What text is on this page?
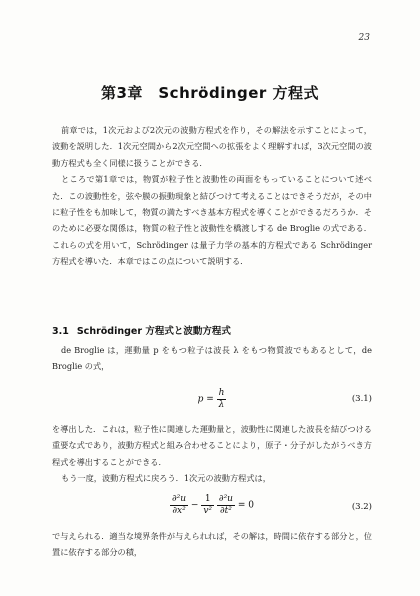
23
第3章　Schrödinger 方程式

前章では，1次元および2次元の波動方程式を作り，その解法を示すことによって，波動を説明した．1次元空間から2次元空間への拡張をよく理解すれば，3次元空間の波動方程式も全く同様に扱うことができる．

ところで第1章では，物質が粒子性と波動性の両面をもっていることについて述べた．この波動性を，弦や膜の振動現象と結びつけて考えることはできそうだが，その中に粒子性をも加味して，物質の満たすべき基本方程式を導くことができるだろうか．そのために必要な関係は，物質の粒子性と波動性を橋渡しする de Broglie の式である．これらの式を用いて，Schrödinger は量子力学の基本的方程式である Schrödinger 方程式を導いた．本章ではこの点について説明する．

3.1 Schrödinger 方程式と波動方程式

de Broglie は，運動量 p をもつ粒子は波長 λ をもつ物質波でもあるとして，de Broglie の式，

$p = \frac{h}{\lambda}$	(3.1)

を導出した．これは，粒子性に関連した運動量と，波動性に関連した波長を結びつける重要な式であり，波動方程式と組み合わせることにより，原子・分子がしたがうべき方程式を導出することができる．

もう一度，波動方程式に戻ろう．1次元の波動方程式は，

$\frac{\text{∂²u}}{\text{∂x²}} - \frac{1}{\text{v²}}$
$\frac{\text{∂²u}}{\text{∂t²}} = 0$	(3.2)

で与えられる．適当な境界条件が与えられれば，その解は，時間に依存する部分と，位置に依存する部分の積，
